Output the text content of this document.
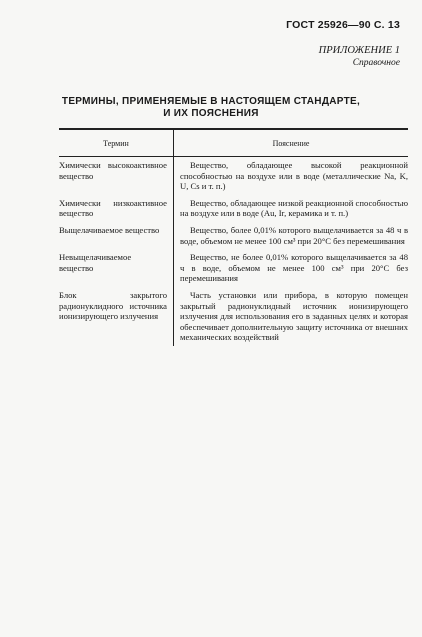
ГОСТ 25926—90 С. 13
ПРИЛОЖЕНИЕ 1
Справочное
ТЕРМИНЫ, ПРИМЕНЯЕМЫЕ В НАСТОЯЩЕМ СТАНДАРТЕ,
И ИХ ПОЯСНЕНИЯ
Термин	Пояснение
Химически высокоактивное вещество
Вещество, обладающее высокой реакционной способностью на воздухе или в воде (металлические Na, K, U, Cs и т. п.)
Химически низкоактивное вещество
Вещество, обладающее низкой реакционной способностью на воздухе или в воде (Au, Ir, керамика и т. п.)
Выщелачиваемое вещество	Вещество, более 0,01% которого выщелачивается за 48 ч в воде, объемом не менее 100 см³ при 20°С без перемешивания
Невыщелачиваемое вещество
Вещество, не более 0,01% которого выщелачивается за 48 ч в воде, объемом не менее 100 см³ при 20°С без перемешивания
Блок закрытого радионуклидного источника ионизирующего излучения
Часть установки или прибора, в которую помещен закрытый радионуклидный источник ионизирующего излучения для использования его в заданных целях и которая обеспечивает дополнительную защиту источника от внешних механических воздействий
